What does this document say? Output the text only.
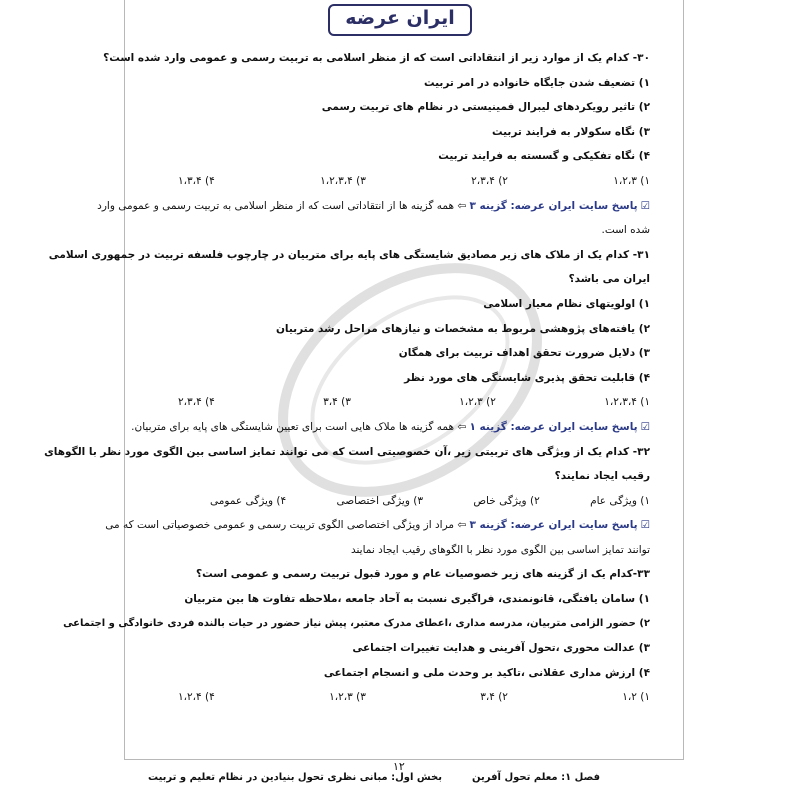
ایران عرضه
۳۰- کدام یک از موارد زیر از انتقاداتی است که از منظر اسلامی به تربیت رسمی و عمومی وارد شده است؟
۱) تضعیف شدن جایگاه خانواده در امر تربیت
۲) تاثیر رویکردهای لیبرال فمینیستی در نظام های تربیت رسمی
۳) نگاه سکولار به فرایند تربیت
۴) نگاه تفکیکی و گسسته به فرایند تربیت
۱) ۱،۲،۳
۲) ۲،۳،۴
۳) ۱،۲،۳،۴
۴) ۱،۳،۴
☑پاسخ سایت ایران عرضه: گزینه ۳ ⇦ همه گزینه ها از انتقاداتی است که از منظر اسلامی به تربیت رسمی و عمومی وارد
شده است.
۳۱- کدام یک از ملاک های زیر مصادیق شایستگی های پایه برای متربیان در چارچوب فلسفه تربیت در جمهوری اسلامی
ایران می باشد؟
۱) اولویتهای نظام معیار اسلامی
۲) یافته‌های پژوهشی مربوط به مشخصات و نیازهای مراحل رشد متربیان
۳) دلایل ضرورت تحقق اهداف تربیت برای همگان
۴) قابلیت تحقق پذیری شایستگی های مورد نظر
۱) ۱،۲،۳،۴
۲) ۱،۲،۳
۳) ۳،۴
۴) ۲،۳،۴
☑پاسخ سایت ایران عرضه: گزینه ۱ ⇦ همه گزینه ها ملاک هایی است برای تعیین شایستگی های پایه برای متربیان.
۳۲- کدام یک از ویژگی های تربیتی زیر ،آن خصوصیتی است که می توانند تمایز اساسی بین الگوی مورد نظر با الگوهای
رقیب ایجاد نمایند؟
۱) ویژگی عام
۲) ویژگی خاص
۳) ویژگی اختصاصی
۴) ویژگی عمومی
☑پاسخ سایت ایران عرضه: گزینه ۳ ⇦ مراد از ویژگی اختصاصی الگوی تربیت رسمی و عمومی خصوصیاتی است که می
توانند تمایز اساسی بین الگوی مورد نظر با الگوهای رقیب ایجاد نمایند
۳۳-کدام یک از گزینه های زیر خصوصیات عام و مورد قبول تربیت رسمی و عمومی است؟
۱) سامان یافتگی، قانونمندی، فراگیری نسبت به آحاد جامعه ،ملاحظه تفاوت ها بین متربیان
۲) حضور الزامی متربیان، مدرسه مداری ،اعطای مدرک معتبر، پیش نیاز حضور در حیات بالنده فردی خانوادگی و اجتماعی
۳) عدالت محوری ،تحول آفرینی و هدایت تغییرات اجتماعی
۴) ارزش مداری عقلانی ،تاکید بر وحدت ملی و انسجام اجتماعی
۱) ۱،۲
۲) ۳،۴
۳) ۱،۲،۳
۴) ۱،۲،۴
۱۲
فصل ۱: معلم تحول آفرین
بخش اول: مبانی نظری تحول بنیادین در نظام تعلیم و تربیت
